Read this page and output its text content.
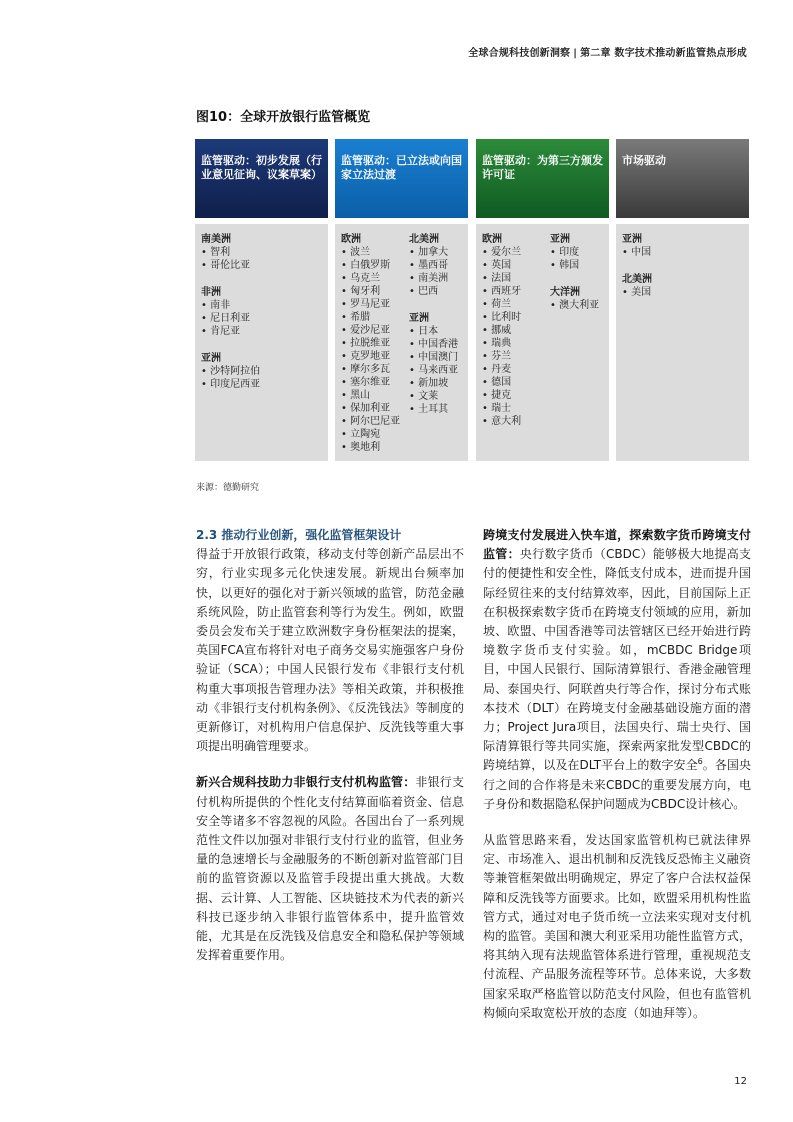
全球合规科技创新洞察 | 第二章 数字技术推动新监管热点形成
图10：全球开放银行监管概览
监管驱动：初步发展（行业意见征询、议案草案）
南美洲
• 智利
• 哥伦比亚
非洲
• 南非
• 尼日利亚
• 肯尼亚
亚洲
• 沙特阿拉伯
• 印度尼西亚
监管驱动：已立法或向国家立法过渡
欧洲
• 波兰
• 白俄罗斯
• 乌克兰
• 匈牙利
• 罗马尼亚
• 希腊
• 爱沙尼亚
• 拉脱维亚
• 克罗地亚
• 摩尔多瓦
• 塞尔维亚
• 黑山
• 保加利亚
• 阿尔巴尼亚
• 立陶宛
• 奥地利
北美洲
• 加拿大
• 墨西哥
• 南美洲
• 巴西
亚洲
• 日本
• 中国香港
• 中国澳门
• 马来西亚
• 新加坡
• 文莱
• 土耳其
监管驱动：为第三方颁发许可证
欧洲
• 爱尔兰
• 英国
• 法国
• 西班牙
• 荷兰
• 比利时
• 挪威
• 瑞典
• 芬兰
• 丹麦
• 德国
• 捷克
• 瑞士
• 意大利
亚洲
• 印度
• 韩国
大洋洲
• 澳大利亚
市场驱动
亚洲
• 中国
北美洲
• 美国
来源：德勤研究
2.3 推动行业创新，强化监管框架设计

得益于开放银行政策，移动支付等创新产品层出不穷，行业实现多元化快速发展。新规出台频率加快，以更好的强化对于新兴领域的监管，防范金融系统风险，防止监管套利等行为发生。例如，欧盟委员会发布关于建立欧洲数字身份框架法的提案，英国FCA宣布将针对电子商务交易实施强客户身份验证（SCA）；中国人民银行发布《非银行支付机构重大事项报告管理办法》等相关政策，并积极推动《非银行支付机构条例》、《反洗钱法》等制度的更新修订，对机构用户信息保护、反洗钱等重大事项提出明确管理要求。

新兴合规科技助力非银行支付机构监管：非银行支付机构所提供的个性化支付结算面临着资金、信息安全等诸多不容忽视的风险。各国出台了一系列规范性文件以加强对非银行支付行业的监管，但业务量的急速增长与金融服务的不断创新对监管部门目前的监管资源以及监管手段提出重大挑战。大数据、云计算、人工智能、区块链技术为代表的新兴科技已逐步纳入非银行监管体系中，提升监管效能，尤其是在反洗钱及信息安全和隐私保护等领域发挥着重要作用。

跨境支付发展进入快车道，探索数字货币跨境支付监管：央行数字货币（CBDC）能够极大地提高支付的便捷性和安全性，降低支付成本，进而提升国际经贸往来的支付结算效率，因此，目前国际上正在积极探索数字货币在跨境支付领域的应用，新加坡、欧盟、中国香港等司法管辖区已经开始进行跨境数字货币支付实验。如，mCBDC Bridge项目，中国人民银行、国际清算银行、香港金融管理局、泰国央行、阿联酋央行等合作，探讨分布式账本技术（DLT）在跨境支付金融基础设施方面的潜力；Project Jura项目，法国央行、瑞士央行、国际清算银行等共同实施，探索两家批发型CBDC的跨境结算，以及在DLT平台上的数字安全$^6$。各国央行之间的合作将是未来CBDC的重要发展方向，电子身份和数据隐私保护问题成为CBDC设计核心。

从监管思路来看，发达国家监管机构已就法律界定、市场准入、退出机制和反洗钱反恐怖主义融资等兼管框架做出明确规定，界定了客户合法权益保障和反洗钱等方面要求。比如，欧盟采用机构性监管方式，通过对电子货币统一立法来实现对支付机构的监管。美国和澳大利亚采用功能性监管方式，将其纳入现有法规监管体系进行管理，重视规范支付流程、产品服务流程等环节。总体来说，大多数国家采取严格监管以防范支付风险，但也有监管机构倾向采取宽松开放的态度（如迪拜等）。

12
